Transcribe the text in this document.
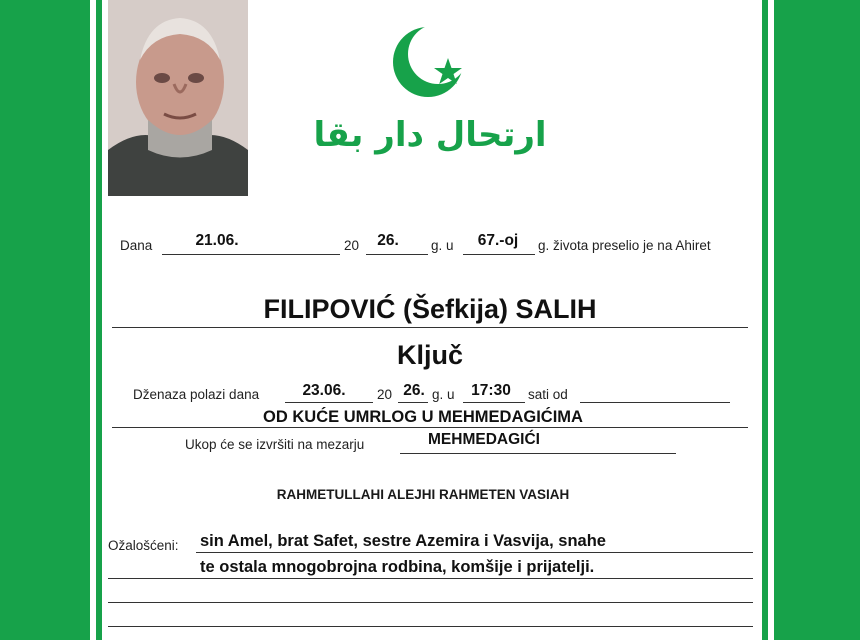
ارتحال دار بقا
Dana	21.06.	20	26.	g. u	67.-oj	g. života preselio je na Ahiret
FILIPOVIĆ (Šefkija) SALIH
Ključ
Dženaza polazi dana	23.06.	20 26. g. u	17:30	sati od
OD KUĆE UMRLOG U MEHMEDAGIĆIMA
Ukop će se izvršiti na mezarju	MEHMEDAGIĆI
RAHMETULLAHI ALEJHI RAHMETEN VASIAH
Ožalošćeni: sin Amel, brat Safet, sestre Azemira i Vasvija, snahe
te ostala mnogobrojna rodbina, komšije i prijatelji.
